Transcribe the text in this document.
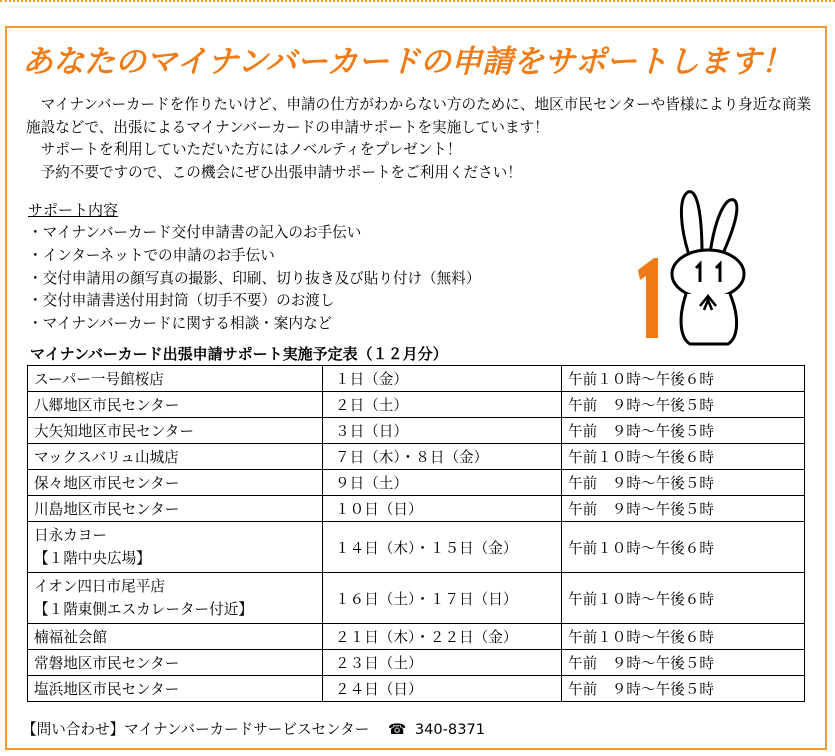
あなたのマイナンバーカードの申請をサポートします！

　マイナンバーカードを作りたいけど、申請の仕方がわからない方のために、地区市民センターや皆様により身近な商業施設などで、出張によるマイナンバーカードの申請サポートを実施しています！

　サポートを利用していただいた方にはノベルティをプレゼント！

　予約不要ですので、この機会にぜひ出張申請サポートをご利用ください！

サポート内容
・ マイナンバーカード交付申請書の記入のお手伝い
・ インターネットでの申請のお手伝い
・ 交付申請用の顔写真の撮影、印刷、切り抜き及び貼り付け（無料）
・ 交付申請書送付用封筒（切手不要）のお渡し
・ マイナンバーカードに関する相談・案内など
1
マイナンバーカード出張申請サポート実施予定表（１２月分）
スーパー一号館桜店	１日（金）	午前１０時〜午後６時
八郷地区市民センター	２日（土）	午前　９時〜午後５時
大矢知地区市民センター	３日（日）	午前　９時〜午後５時
マックスバリュ山城店	７日（木）・８日（金）	午前１０時〜午後６時
保々地区市民センター	９日（土）	午前　９時〜午後５時
川島地区市民センター	１０日（日）	午前　９時〜午後５時

日永カヨー
【１階中央広場】	１４日（木）・１５日（金）	午前１０時〜午後６時

イオン四日市尾平店
【１階東側エスカレーター付近】	１６日（土）・１７日（日）	午前１０時〜午後６時
楠福祉会館	２１日（木）・２２日（金）	午前１０時〜午後６時
常磐地区市民センター	２３日（土）	午前　９時〜午後５時
塩浜地区市民センター	２４日（日）	午前　９時〜午後５時
【問い合わせ】マイナンバーカードサービスセンター ☎ 340-8371
